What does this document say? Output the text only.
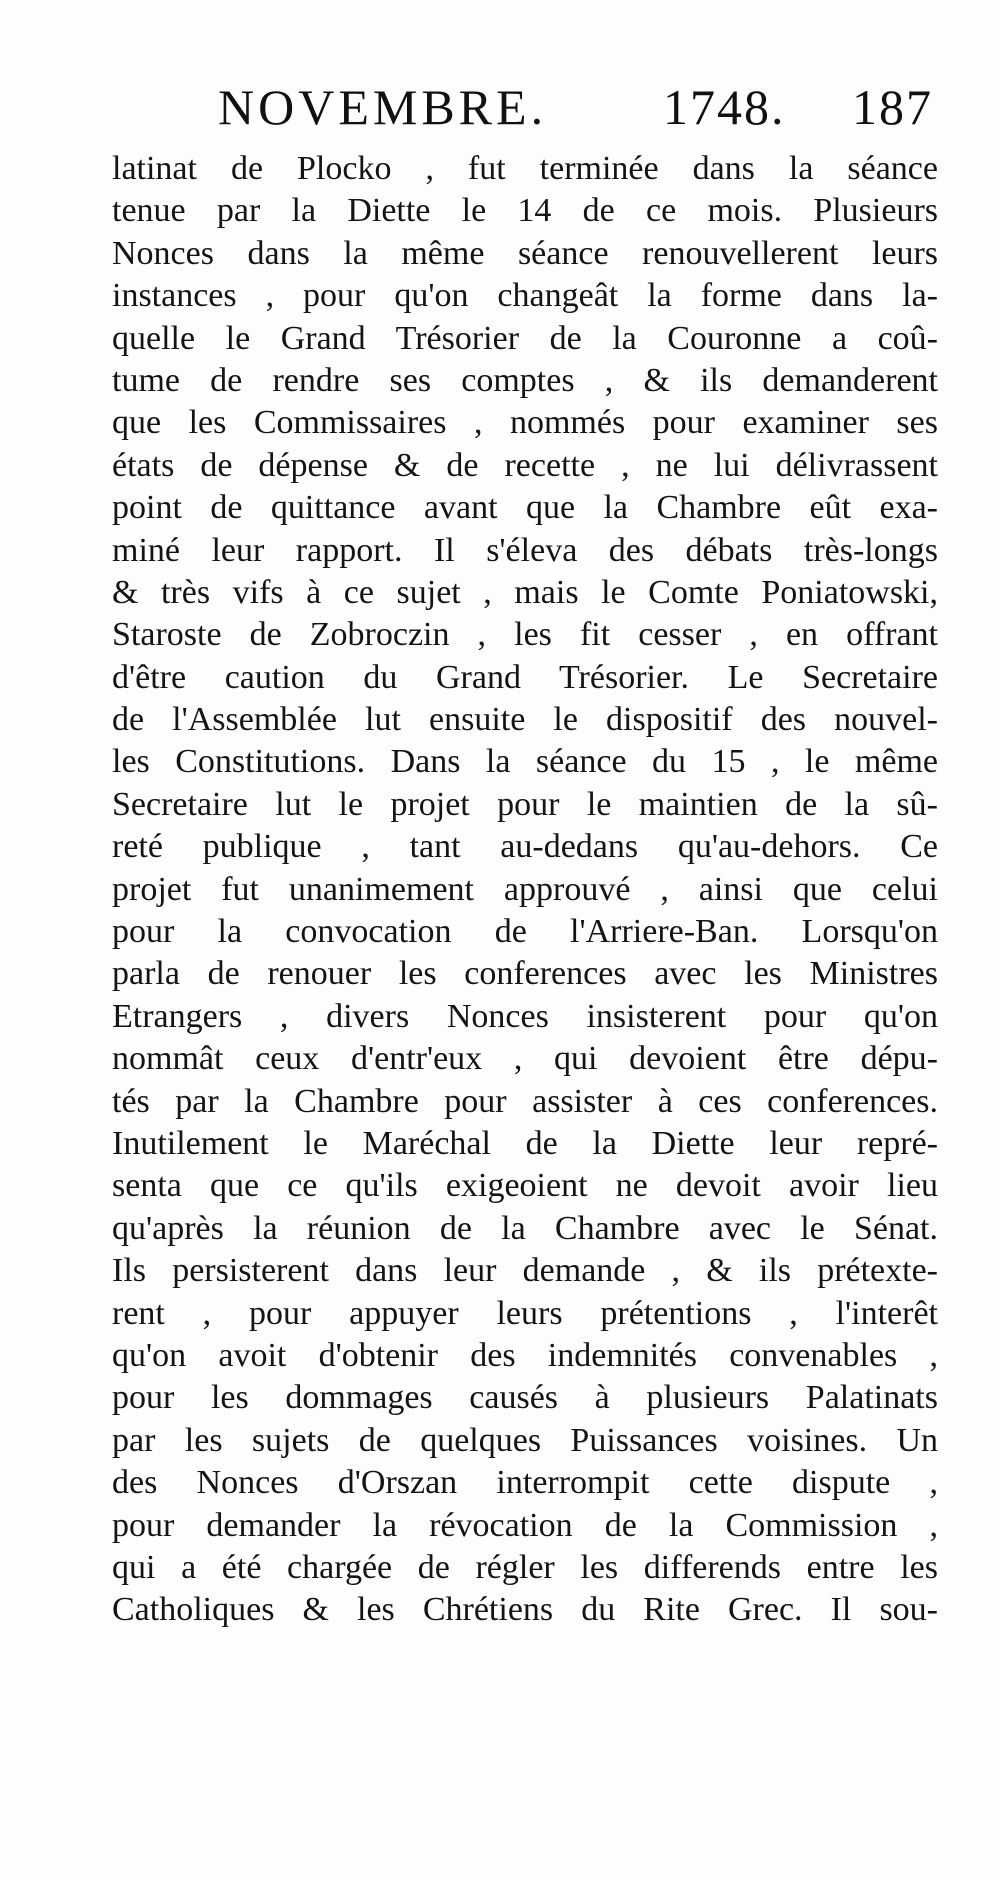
NOVEMBRE. 1748. 187
latinat de Plocko , fut terminée dans la séance
tenue par la Diette le 14 de ce mois. Plusieurs
Nonces dans la même séance renouvellerent leurs
instances , pour qu'on changeât la forme dans la-
quelle le Grand Trésorier de la Couronne a coû-
tume de rendre ses comptes , & ils demanderent
que les Commissaires , nommés pour examiner ses
états de dépense & de recette , ne lui délivrassent
point de quittance avant que la Chambre eût exa-
miné leur rapport. Il s'éleva des débats très-longs
& très vifs à ce sujet , mais le Comte Poniatowski,
Staroste de Zobroczin , les fit cesser , en offrant
d'être caution du Grand Trésorier. Le Secretaire
de l'Assemblée lut ensuite le dispositif des nouvel-
les Constitutions. Dans la séance du 15 , le même
Secretaire lut le projet pour le maintien de la sû-
reté publique , tant au-dedans qu'au-dehors. Ce
projet fut unanimement approuvé , ainsi que celui
pour la convocation de l'Arriere-Ban. Lorsqu'on
parla de renouer les conferences avec les Ministres
Etrangers , divers Nonces insisterent pour qu'on
nommât ceux d'entr'eux , qui devoient être dépu-
tés par la Chambre pour assister à ces conferences.
Inutilement le Maréchal de la Diette leur repré-
senta que ce qu'ils exigeoient ne devoit avoir lieu
qu'après la réunion de la Chambre avec le Sénat.
Ils persisterent dans leur demande , & ils prétexte-
rent , pour appuyer leurs prétentions , l'interêt
qu'on avoit d'obtenir des indemnités convenables ,
pour les dommages causés à plusieurs Palatinats
par les sujets de quelques Puissances voisines. Un
des Nonces d'Orszan interrompit cette dispute ,
pour demander la révocation de la Commission ,
qui a été chargée de régler les differends entre les
Catholiques & les Chrétiens du Rite Grec. Il sou-
